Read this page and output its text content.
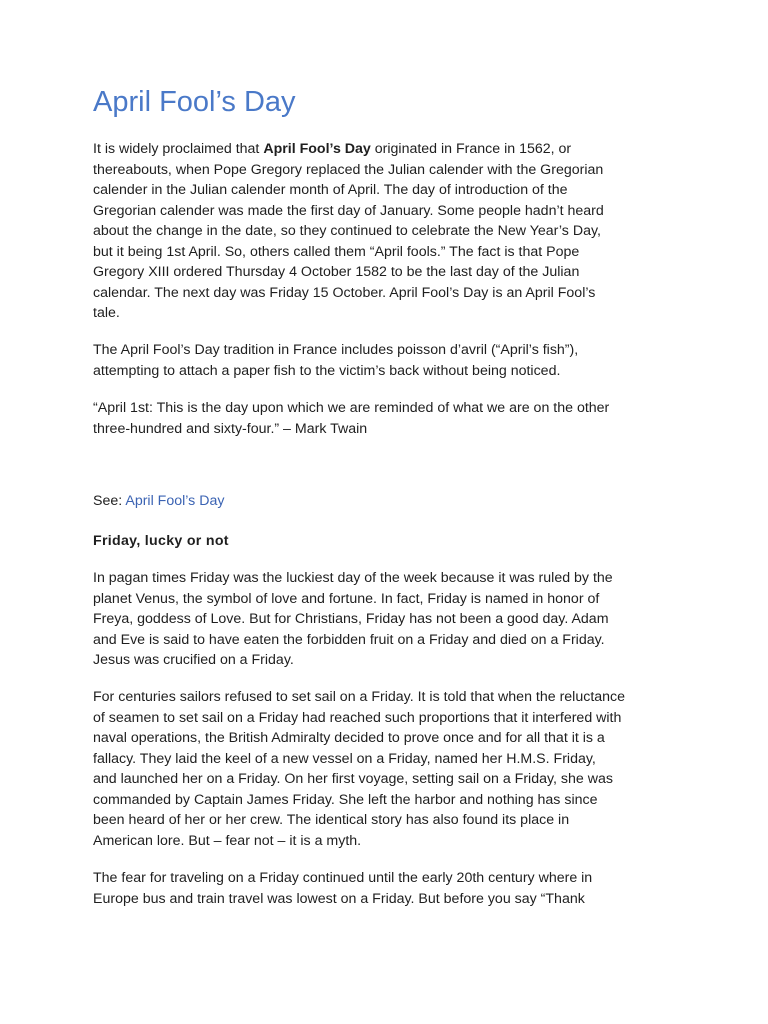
April Fool’s Day

It is widely proclaimed that April Fool’s Day originated in France in 1562, or
thereabouts, when Pope Gregory replaced the Julian calender with the Gregorian
calender in the Julian calender month of April. The day of introduction of the
Gregorian calender was made the first day of January. Some people hadn’t heard
about the change in the date, so they continued to celebrate the New Year’s Day,
but it being 1st April. So, others called them “April fools.” The fact is that Pope
Gregory XIII ordered Thursday 4 October 1582 to be the last day of the Julian
calendar. The next day was Friday 15 October. April Fool’s Day is an April Fool’s
tale.

The April Fool’s Day tradition in France includes poisson d’avril (“April’s fish”),
attempting to attach a paper fish to the victim’s back without being noticed.

“April 1st: This is the day upon which we are reminded of what we are on the other
three-hundred and sixty-four.” – Mark Twain

See: April Fool’s Day

Friday, lucky or not

In pagan times Friday was the luckiest day of the week because it was ruled by the
planet Venus, the symbol of love and fortune. In fact, Friday is named in honor of
Freya, goddess of Love. But for Christians, Friday has not been a good day. Adam
and Eve is said to have eaten the forbidden fruit on a Friday and died on a Friday.
Jesus was crucified on a Friday.

For centuries sailors refused to set sail on a Friday. It is told that when the reluctance
of seamen to set sail on a Friday had reached such proportions that it interfered with
naval operations, the British Admiralty decided to prove once and for all that it is a
fallacy. They laid the keel of a new vessel on a Friday, named her H.M.S. Friday,
and launched her on a Friday. On her first voyage, setting sail on a Friday, she was
commanded by Captain James Friday. She left the harbor and nothing has since
been heard of her or her crew. The identical story has also found its place in
American lore. But – fear not – it is a myth.

The fear for traveling on a Friday continued until the early 20th century where in
Europe bus and train travel was lowest on a Friday. But before you say “Thank
